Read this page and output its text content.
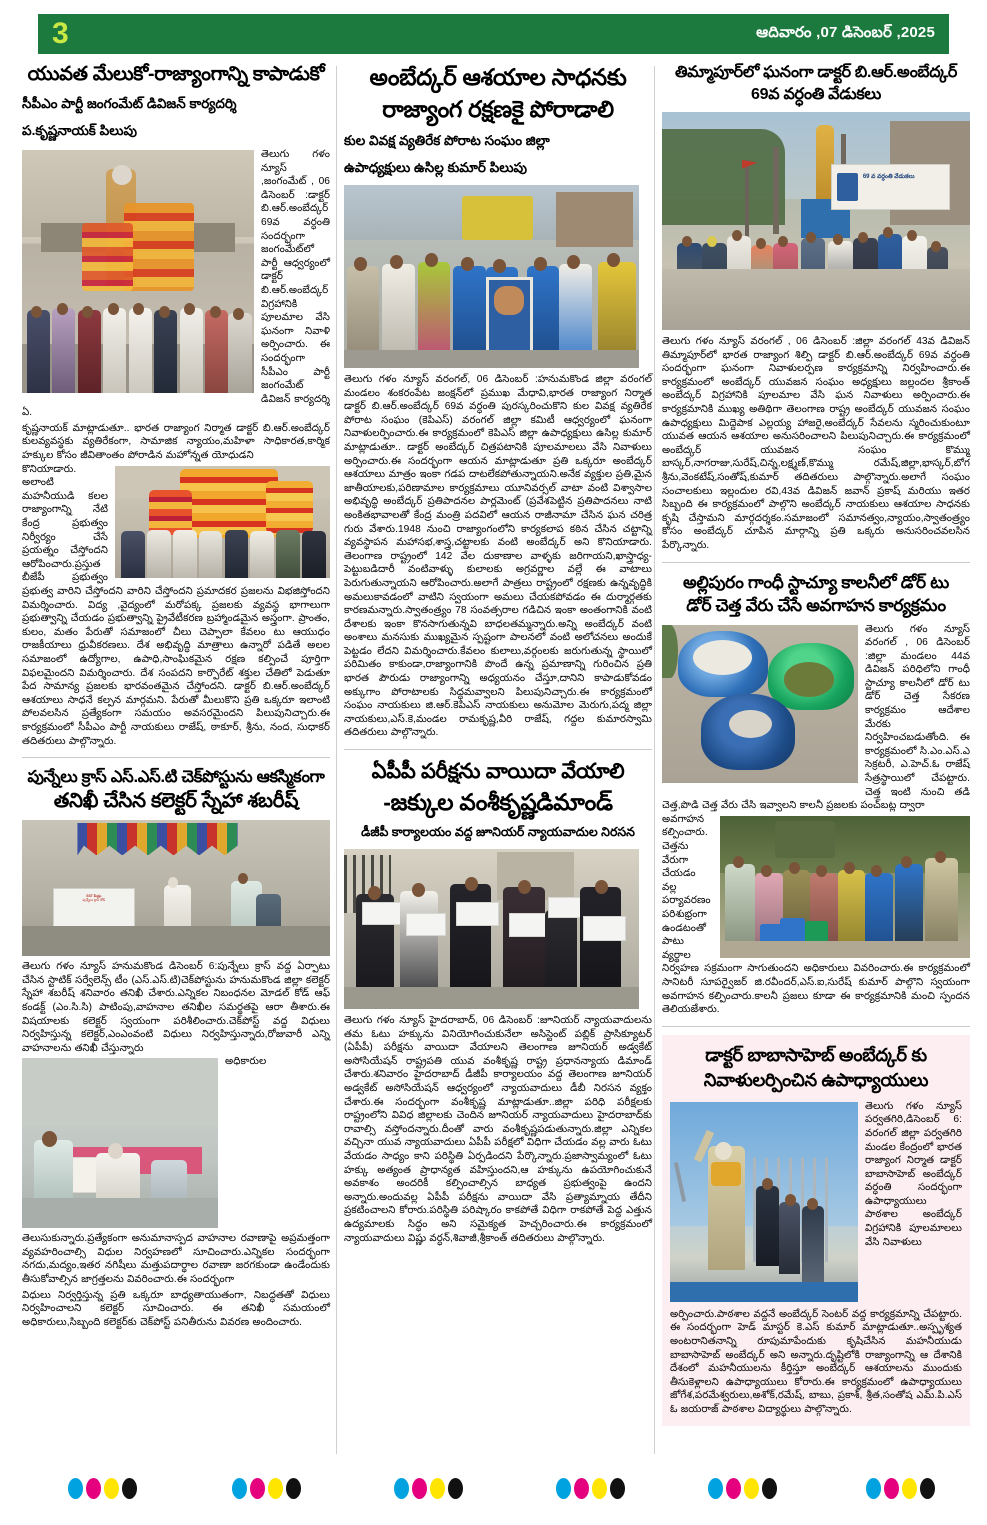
3	ఆదివారం ,07 డిసెంబర్ ,2025
యువత మేలుకో-రాజ్యాంగాన్ని కాపాడుకో
సీపీఎం పార్టీ జంగంమేట్ డివిజన్ కార్యదర్శి
ప.కృష్ణనాయక్ పిలుపు
తెలుగు గళం న్యూస్ ,జంగంమేట్ , 06 డిసెంబర్ :డాక్టర్ బి.ఆర్.అంబేద్కర్ 69వ వర్ధంతి సందర్భంగా జంగంమేట్‌లో పార్టీ ఆధ్వర్యంలో డాక్టర్ బి.ఆర్.అంబేద్కర్ విగ్రహానికి పూలమాల వేసి ఘనంగా నివాళి అర్పించారు. ఈ సందర్భంగా సీపీఎం పార్టీ జంగంమేట్ డివిజన్ కార్యదర్శి ఏ.
కృష్ణనాయక్ మాట్లాడుతూ.. భారత రాజ్యాంగ నిర్మాత డాక్టర్ బి.ఆర్.అంబేద్కర్ కులవ్యవస్థకు వ్యతిరేకంగా, సామాజిక న్యాయం,మహిళా సాధికారత,కార్మిక హక్కుల కోసం జీవితాంతం పోరాడిన మహోన్నత యోధుడని
కొనియాడారు. అలాంటి మహనీయుడి కలల రాజ్యాంగాన్ని నేటి కేంద్ర ప్రభుత్వం నిర్వీర్యం చేసే ప్రయత్నం చేస్తోందని ఆరోపించారు.ప్రస్తుత బీజేపీ ప్రభుత్వం ప్రభుత్వ వారిని చేస్తోందని వారిని చేస్తోందని ప్రమాదకర ప్రజలను విభజిస్తోందని విమర్శించారు. విద్య ,వైద్యంలో మరోపక్క ప్రజలకు వ్యవస్థ భాగాలుగా ప్రభుత్వాన్ని చేయడం ప్రభుత్వాన్ని ప్రైవేటీకరణ బ్రహ్మాండమైన అస్త్రంగా. ప్రాంతం, కులం, మతం పేరుతో సమాజంలో చీలు చెప్పాలా కేవలం టు ఆయుధం రాజకీయాలు ధ్రువీకరణలు. దేశ అభివృద్ధి మాత్రాలు ఉన్నారో పడితే అలల సమాజంలో ఉద్యోగాల, ఉపాధి,సాంఘికమైన రక్షణ కల్పించే పూర్తిగా విఫలమైందని విమర్శించారు. దేశ సంపదని కార్పొరేట్ శక్తుల చేతిలో పెడుతూ పేద సామాన్య ప్రజలకు భారవంతమైన చేస్తోందని. డాక్టర్ బి.ఆర్.అంబేద్కర్ ఆశయాలు సాధనే కల్పన మార్గమని. పేరుతో మీలుకొని ప్రతి ఒక్కరూ ఇలాంటి పోలవలసిన ప్రత్యేకంగా సమయం అవసరమైందని పిలుపునిచ్చారు.ఈ కార్యక్రమంలో సీపీఎం పార్టీ నాయకులు రాజేష్, ఠాకూర్, శ్రీను, నంద, సుధాకర్ తదితరులు పాల్గొన్నారు.
పున్నేలు క్రాస్ ఎస్.ఎస్.టి చెక్‌పోస్టును ఆకస్మికంగా
తనిఖీ చేసిన కలెక్టర్ స్నేహా శబరీష్
SST కేంద్రం
పున్నేలు క్రాస్ రోడ్
తెలుగు గళం న్యూస్ హనుమకొండ డిసెంబర్ 6:పున్నేలు క్రాస్ వద్ద ఏర్పాటు చేసిన స్టాటిక్ సర్వేలెన్స్ టీం (ఎస్.ఎస్.టి)చెక్‌పోస్టును హనుమకొండ జిల్లా కలెక్టర్ స్నేహా శబరీష్ శనివారం తనిఖీ చేశారు.ఎన్నికల నిబంధనల మోడల్ కోడ్ ఆఫ్ కండక్ట్ (ఎం.సి.సి) పాటింపు,వాహనాల తనిఖీల సమర్థతపై ఆరా తీశారు.ఈ విషయాలకు కలెక్టర్ స్వయంగా పరిశీలించారు.చెక్‌పోస్ట్ వద్ద విధులు నిర్వహిస్తున్న కలెక్టర్,ఎంఎంవంటి విధులు నిర్వహిస్తున్నారు,రోజువారీ ఎన్ని వాహనాలను తనిఖీ చేస్తున్నారు
అధికారుల తెలుసుకున్నారు.ప్రత్యేకంగా అనుమానాస్పద వాహనాల రవాణాపై అప్రమత్తంగా వ్యవహరించాల్సి విధుల నిర్వహణలో సూచించారు.ఎన్నికల సందర్భంగా నగదు,మద్యం,ఇతర నగిషీలు మత్తుపదార్థాల రవాణా జరగకుండా ఉండేందుకు తీసుకోవాల్సిన జాగ్రత్తలను వివరించారు.ఈ సందర్భంగా
విధులు నిర్వర్తిస్తున్న ప్రతి ఒక్కరూ బాధ్యతాయుతంగా, నిబద్ధతతో విధులు నిర్వహించాలని కలెక్టర్ సూచించారు. ఈ తనిఖీ సమయంలో అధికారులు,సిబ్బంది కలెక్టర్‌కు చెక్‌పోస్ట్ పనితీరును వివరణ అందించారు.
అంబేద్కర్ ఆశయాల సాధనకు
రాజ్యాంగ రక్షణకై పోరాడాలి
కుల వివక్ష వ్యతిరేక పోరాట సంఘం జిల్లా
ఉపాధ్యక్షులు ఉసిల్ల కుమార్ పిలుపు
తెలుగు గళం న్యూస్ వరంగల్, 06 డిసెంబర్ :హనుమకొండ జిల్లా వరంగల్ మండలం శంకరంపేట జంక్షన్‌లో ప్రముఖ మేధావి,భారత రాజ్యాంగ నిర్మాత డాక్టర్ బి.ఆర్.అంబేద్కర్ 69వ వర్ధంతి పురస్కరించుకొని కుల వివక్ష వ్యతిరేక పోరాట సంఘం (కెపిఎస్) వరంగల్ జిల్లా కమిటీ ఆధ్వర్యంలో ఘనంగా నివాళులర్పించారు.ఈ కార్యక్రమంలో కెపిఎస్ జిల్లా ఉపాధ్యక్షులు ఉసిల్ల కుమార్ మాట్లాడుతూ.. డాక్టర్ అంబేద్కర్ చిత్రపటానికి పూలమాలలు వేసి నివాళులు అర్పించారు.ఈ సందర్భంగా ఆయన మాట్లాడుతూ ప్రతి ఒక్కరూ అంబేద్కర్ ఆశయాలు మాత్రం ఇంకా గడప దాటలేకపోతున్నాయని.అనేక వ్యక్తుల ప్రతి,మైన జాతీయాలకు,పరిణామాల కార్యక్రమాలు యూనివర్సల్ వాటా వంటి విశ్వాసాల అభివృద్ధి అంబేద్కర్ ప్రతిపాదనల పార్లమెంట్ (ప్రవేశపెట్టిన ప్రతిపాదనలు నాటి అంకితభావాలతో కేంద్ర మంత్రి పదవిలో ఆయన రాజీనామా చేసిన ఘన చరిత్ర గురు వేశారు.1948 నుంచి రాజ్యాంగంలోని కార్యకలాప కఠిన చేసిన చట్టాన్ని వ్యవస్థాపన మహాసభ,శాస్త్ర,చట్టాలకు వంటి అంబేద్కర్ అని కొనియాడారు. తెలంగాణ రాష్ట్రంలో 142 వేల దుకాణాల వాళ్ళకు జరిగాయని,ఖాస్త్రాధ్య-పెట్టుబడిదారీ వంటివాళ్ళు కులాలకు అగ్రవర్ణాల వల్లే ఈ వాటాలు పెరుగుతున్నాయని ఆరోపించారు.అలాగే పాత్రలు రాష్ట్రంలో రక్షణకు ఉన్నవృద్ధికి అమలుకావడంలో వాటిని స్వయంగా అమలు చేయకపోవడం ఈ దుర్మార్గతకు కారణమన్నారు.స్వాతంత్ర్యం 78 సంవత్సరాల గడిచిన ఇంకా అంతంగానికి వంటి దేశాలకు ఇంకా కొనసాగుతున్నవి బాధలతమ్మన్నారు.అన్ని అంబేద్కర్ వంటి అంశాలు మనసుకు ముఖ్యమైన స్పష్టంగా పాలనలో వంటి అలోచనలు అందుకే పెట్టడం లేదని విమర్శించారు.కేవలం కులాలు,వర్గంలకు జరుగుతున్న స్థాయిలో పరిమితం కాకుండా,రాజ్యాంగానికి పొందే ఉన్న ప్రమాణాన్ని గురించిన ప్రతి భారత పౌరుడు రాజ్యాంగాన్ని అధ్యయనం చేస్తూ,దానిని కాపాడుకోవడం అక్కుగాం పోరాటాలకు సిద్ధమవ్వాలని పిలుపునిచ్చారు.ఈ కార్యక్రమంలో సంఘం నాయకులు జి.ఆర్.కెపిఎస్ నాయకులు అనుమోల మెరుగు,పద్మ జిల్లా నాయకులు,ఎస్.కె,మండల రామకృష్ణ,వీరి రాజేష్, గద్దల కుమారస్వామి తదితరులు పాల్గొన్నారు.
ఏపీపీ పరీక్షను వాయిదా వేయాలి
-జక్కుల వంశీకృష్ణడిమాండ్
డీజీపీ కార్యాలయం వద్ద జూనియర్ న్యాయవాదుల నిరసన
తెలుగు గళం న్యూస్ హైదరాబాద్, 06 డిసెంబర్ :జూనియర్ న్యాయవాదులను తమ ఓటు హక్కును వినియోగించుకునేలా అసిస్టెంట్ పబ్లిక్ ప్రాసిక్యూటర్ (ఏపీపీ) పరీక్షను వాయిదా వేయాలని తెలంగాణ జూనియర్ అడ్వకేట్ అసోసియేషన్ రాష్ట్రపతి యువ వంశీకృష్ణ రాష్ట్ర ప్రధానన్యాయ డిమాండ్ చేశారు.శనివారం హైదరాబాద్ డీజీపీ కార్యాలయం వద్ద తెలంగాణ జూనియర్ అడ్వకేట్ అసోసియేషన్ ఆధ్వర్యంలో న్యాయవాదులు డీబీ నిరసన వ్యక్తం చేశారు.ఈ సందర్భంగా వంశీకృష్ణ మాట్లాడుతూ..జిల్లా పరిధి పరీక్షలకు రాష్ట్రంలోని వివిధ జిల్లాలకు చెందిన జూనియర్ న్యాయవాదులు హైదరాబాద్‌కు రావాల్సి వస్తోందన్నారు.దీంతో వారు వంశీకృష్ణపడుతున్నారు.జిల్లా ఎన్నికల వచ్చినా యువ న్యాయవాదులు ఏపీపీ పరీక్షలో విధిగా చేయడం వల్ల వారు ఓటు వేయడం సాధ్యం కాని పరిస్థితి ఏర్పడిందని పేర్కొన్నారు.ప్రజాస్వామ్యంలో ఓటు హక్కు అత్యంత ప్రాధాన్యత వహిస్తుందని,ఆ హక్కును ఉపయోగించుకునే అవకాశం అందరికీ కల్పించాల్సిన బాధ్యత ప్రభుత్వంపై ఉందని అన్నారు.అందువల్ల ఏపీపీ పరీక్షను వాయిదా వేసి ప్రత్యామ్నాయ తేదీని ప్రకటించాలని కోరారు.పరిస్థితి పరిష్కారం కాకపోతే విధిగా రాకపోతే పెద్ద ఎత్తున ఉద్యమాలకు సిద్ధం అని సమైక్యత హెచ్చరించారు.ఈ కార్యక్రమంలో న్యాయవాదులు విష్ణు వర్ధన్,శివాజీ,శ్రీకాంత్ తదితరులు పాల్గొన్నారు.
తిమ్మాపూర్‌లో ఘనంగా డాక్టర్ బి.ఆర్.అంబేద్కర్
69వ వర్ధంతి వేడుకలు
69 వ వర్ధంతి వేడుకలు
తెలుగు గళం న్యూస్ వరంగల్ , 06 డిసెంబర్ :జిల్లా వరంగల్ 43వ డివిజన్ తిమ్మాపూర్‌లో భారత రాజ్యాంగ శిల్పి డాక్టర్ బి.ఆర్.అంబేద్కర్ 69వ వర్ధంతి సందర్భంగా ఘనంగా నివాళులర్పణ కార్యక్రమాన్ని నిర్వహించారు.ఈ కార్యక్రమంలో అంబేద్కర్ యువజన సంఘం అధ్యక్షులు జల్లందల శ్రీకాంత్ అంబేద్కర్ విగ్రహానికి పూలమాల వేసి ఘన నివాళులు అర్పించారు.ఈ కార్యక్రమానికి ముఖ్య అతిథిగా తెలంగాణ రాష్ట్ర అంబేద్కర్ యువజన సంఘం ఉపాధ్యక్షులు మిద్దెపాక ఎల్లయ్య హాజరై,అంబేద్కర్ సేవలను స్మరించుకుంటూ యువత ఆయన ఆశయాల అనుసరించాలని పిలుపునిచ్చారు.ఈ కార్యక్రమంలో అంబేద్కర్ యువజన సంఘం కొమ్ము బాస్కర్,నాగరాజు,సురేష్,చిన్న,లక్ష్మణ్,కొమ్ము రమేష్,జిల్లా,భాస్కర్,బోగ శ్రీను,వెంకటేష్,సంతోష్,కుమార్ తదితరులు పాల్గొన్నారు.అలాగే సంఘం సంచాలకులు ఇల్లందుల రవి,43వ డివిజన్ జవాన్ ప్రకాష్ మరియు ఇతర సిబ్బంది ఈ కార్యక్రమంలో పాల్గొని అంబేద్కర్ నాయకులు ఆశయాల సాధనకు కృషి చేస్తామని మార్గదర్శకం.సమాజంలో సమానత్వం,న్యాయం,స్వాతంత్ర్యం కోసం అంబేద్కర్ చూపిన మార్గాన్ని ప్రతి ఒక్కరు అనుసరించవలసిన పేర్కొన్నారు.
అల్లిపురం గాంధీ స్టాచ్యూ కాలనీలో డోర్ టు
డోర్ చెత్త వేరు చేసే అవగాహన కార్యక్రమం
తెలుగు గళం న్యూస్ వరంగల్ , 06 డిసెంబర్ :జిల్లా మండలం 44వ డివిజన్ పరిధిలోని గాంధీ స్టాచ్యూ కాలనీలో డోర్ టు డోర్ చెత్త సేకరణ కార్యక్రమం ఆదేశాల మేరకు నిర్వహించబడుతోంది. ఈ కార్యక్రమంలో సి.ఎం.ఎస్.ఎ సెక్రటరీ, ఎ.హెచ్.ఓ రాజేష్ సేత్రస్థాయిలో చేపట్టారు. చెత్త ఇంటి నుంచి తడి చెత్త,పొడి చెత్త వేరు చేసి ఇవ్వాలని కాలనీ ప్రజలకు పంచ్‌బట్ల ద్వారా
అవగాహన కల్పించారు. చెత్తను వేరుగా చేయడం వల్ల పర్యావరణం పరిశుభ్రంగా ఉండటంతో పాటు వ్యర్థాల నిర్వహణ సక్రమంగా సాగుతుందని అధికారులు వివరించారు.ఈ కార్యక్రమంలో సానిటరీ సూపర్వైజర్ జి.రవీందర్,ఎస్.ఐ,సురేష్ కుమార్ పాల్గొని స్వయంగా అవగాహన కల్పించారు.కాలనీ ప్రజలు కూడా ఈ కార్యక్రమానికి మంచి స్పందన తెలియజేశారు.
డాక్టర్ బాబాసాహెబ్ అంబేద్కర్ కు
నివాళులర్పించిన ఉపాధ్యాయులు
తెలుగు గళం న్యూస్ పర్వతగిరి,డిసెంబర్ 6: వరంగల్ జిల్లా పర్వతగిరి మండల కేంద్రంలో భారత రాజ్యాంగ నిర్మాత డాక్టర్ బాబాసాహెబ్ అంబేద్కర్ వర్ధంతి సందర్భంగా ఉపాధ్యాయులు పాఠశాల అంబేద్కర్ విగ్రహానికి పూలమాలలు వేసి నివాళులు
అర్పించారు.పాఠశాల వద్దనే అంబేద్కర్ సెంటర్ వద్ద కార్యక్రమాన్ని చేపట్టారు. ఈ సందర్భంగా హెడ్ మాస్టర్ కె.ఎస్ కుమార్ మాట్లాడుతూ..అస్పృశ్యత అంటరానితనాన్ని రూపుమాపేందుకు కృషిచేసిన మహనీయుడు బాబాసాహెబ్ అంబేద్కర్ అని అన్నారు.దృష్టిలోకి రాజ్యాంగాన్ని ఆ దేశానికి దేశంలో మహనీయులను కీర్తిస్తూ అంబేద్కర్ ఆశయాలను ముందుకు తీసుకెళ్లాలని ఉపాధ్యాయులు కోరారు.ఈ కార్యక్రమంలో ఉపాధ్యాయులు జోగేశ,పరమేశ్వరులు,అశోక్,రమేష్, బాబు, ప్రకాశ్, శ్రీత,సంతోష ఎమ్.పి.ఎస్ ఓ జయరాజ్ పాఠశాల విద్యార్థులు పాల్గొన్నారు.
